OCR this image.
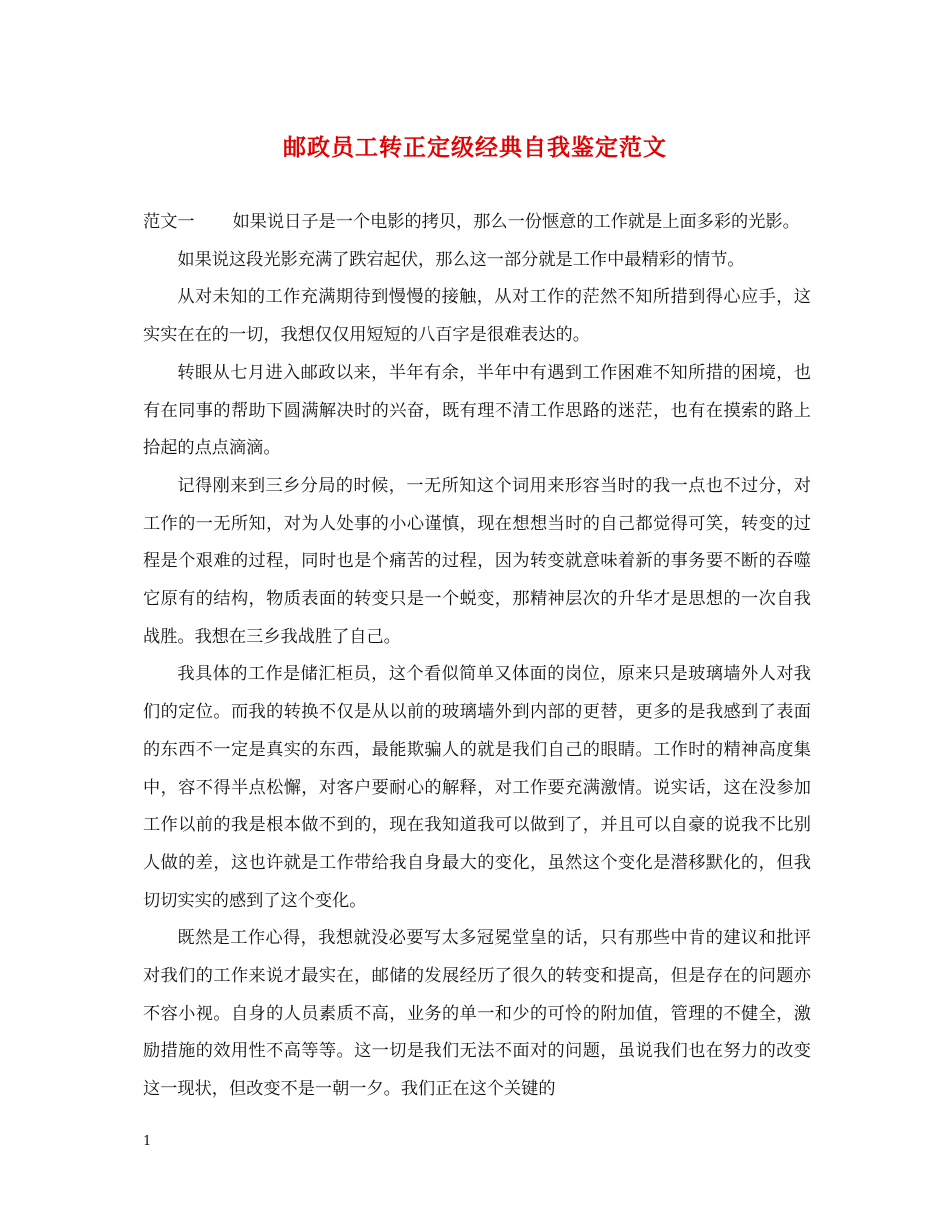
邮政员工转正定级经典自我鉴定范文

范文一 如果说日子是一个电影的拷贝，那么一份惬意的工作就是上面多彩的光影。

如果说这段光影充满了跌宕起伏，那么这一部分就是工作中最精彩的情节。

从对未知的工作充满期待到慢慢的接触，从对工作的茫然不知所措到得心应手，这实实在在的一切，我想仅仅用短短的八百字是很难表达的。

转眼从七月进入邮政以来，半年有余，半年中有遇到工作困难不知所措的困境，也有在同事的帮助下圆满解决时的兴奋，既有理不清工作思路的迷茫，也有在摸索的路上拾起的点点滴滴。

记得刚来到三乡分局的时候，一无所知这个词用来形容当时的我一点也不过分，对工作的一无所知，对为人处事的小心谨慎，现在想想当时的自己都觉得可笑，转变的过程是个艰难的过程，同时也是个痛苦的过程，因为转变就意味着新的事务要不断的吞噬它原有的结构，物质表面的转变只是一个蜕变，那精神层次的升华才是思想的一次自我战胜。我想在三乡我战胜了自己。

我具体的工作是储汇柜员，这个看似简单又体面的岗位，原来只是玻璃墙外人对我们的定位。而我的转换不仅是从以前的玻璃墙外到内部的更替，更多的是我感到了表面的东西不一定是真实的东西，最能欺骗人的就是我们自己的眼睛。工作时的精神高度集中，容不得半点松懈，对客户要耐心的解释，对工作要充满激情。说实话，这在没参加工作以前的我是根本做不到的，现在我知道我可以做到了，并且可以自豪的说我不比别人做的差，这也许就是工作带给我自身最大的变化，虽然这个变化是潜移默化的，但我切切实实的感到了这个变化。

既然是工作心得，我想就没必要写太多冠冕堂皇的话，只有那些中肯的建议和批评对我们的工作来说才最实在，邮储的发展经历了很久的转变和提高，但是存在的问题亦不容小视。自身的人员素质不高，业务的单一和少的可怜的附加值，管理的不健全，激励措施的效用性不高等等。这一切是我们无法不面对的问题，虽说我们也在努力的改变这一现状，但改变不是一朝一夕。我们正在这个关键的

1
